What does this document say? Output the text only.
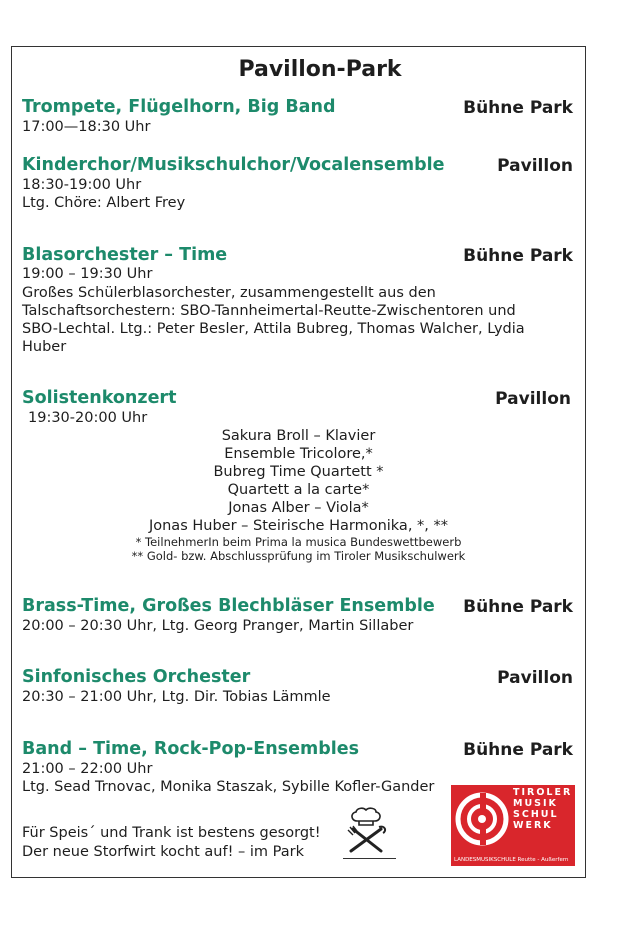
Pavillon-Park
Trompete, Flügelhorn, Big Band	Bühne Park
17:00—18:30 Uhr
Kinderchor/Musikschulchor/Vocalensemble	Pavillon
18:30-19:00 Uhr
Ltg. Chöre: Albert Frey
Blasorchester – Time	Bühne Park
19:00 – 19:30 Uhr
Großes Schülerblasorchester, zusammengestellt aus den
Talschaftsorchestern: SBO-Tannheimertal-Reutte-Zwischentoren und
SBO-Lechtal. Ltg.: Peter Besler, Attila Bubreg, Thomas Walcher, Lydia
Huber
Solistenkonzert	Pavillon
19:30-20:00 Uhr
Sakura Broll – Klavier
Ensemble Tricolore,*
Bubreg Time Quartett *
Quartett a la carte*
Jonas Alber – Viola*
Jonas Huber – Steirische Harmonika, *, **
* TeilnehmerIn beim Prima la musica Bundeswettbewerb
** Gold- bzw. Abschlussprüfung im Tiroler Musikschulwerk
Brass-Time, Großes Blechbläser Ensemble Bühne Park
20:00 – 20:30 Uhr, Ltg. Georg Pranger, Martin Sillaber
Sinfonisches Orchester	Pavillon
20:30 – 21:00 Uhr, Ltg. Dir. Tobias Lämmle
Band – Time, Rock-Pop-Ensembles	Bühne Park
21:00 – 22:00 Uhr
Ltg. Sead Trnovac, Monika Staszak, Sybille Kofler-Gander
Für Speis´ und Trank ist bestens gesorgt!
Der neue Storfwirt kocht auf! – im Park
TIROLER
MUSIK
SCHUL
WERK
LANDESMUSIKSCHULE Reutte - Außerfern
